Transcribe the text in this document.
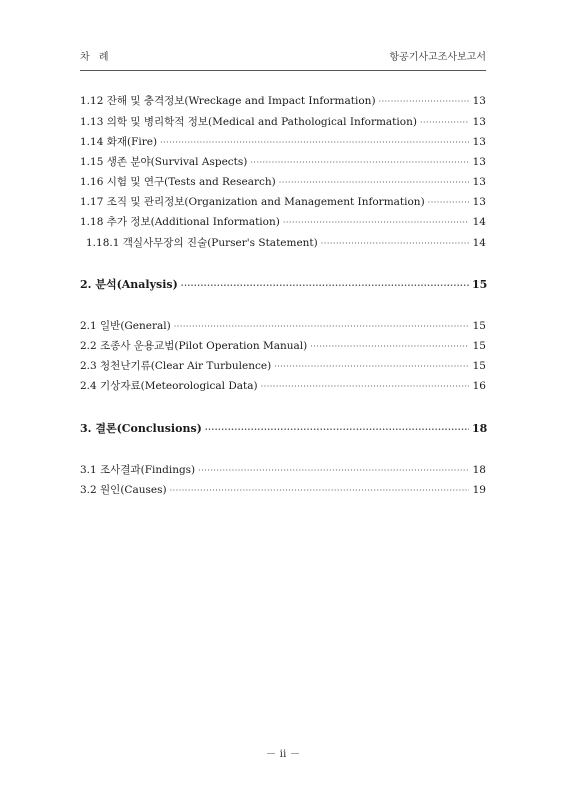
차 례	항공기사고조사보고서
1.12 잔해 및 충격정보(Wreckage and Impact Information) ·····	13
1.13 의학 및 병리학적 정보(Medical and Pathological Information) ·····	13
1.14 화재(Fire) ·····	13
1.15 생존 분야(Survival Aspects) ·····	13
1.16 시험 및 연구(Tests and Research) ·····	13
1.17 조직 및 관리정보(Organization and Management Information) ·····	13
1.18 추가 정보(Additional Information) ·····	14
1.18.1 객실사무장의 진술(Purser's Statement) ·····	14
2. 분석(Analysis) ·····	15
2.1 일반(General) ·····	15
2.2 조종사 운용교범(Pilot Operation Manual) ·····	15
2.3 청천난기류(Clear Air Turbulence) ·····	15
2.4 기상자료(Meteorological Data) ·····	16
3. 결론(Conclusions) ·····	18
3.1 조사결과(Findings) ·····	18
3.2 원인(Causes) ·····	19
－ ii －
